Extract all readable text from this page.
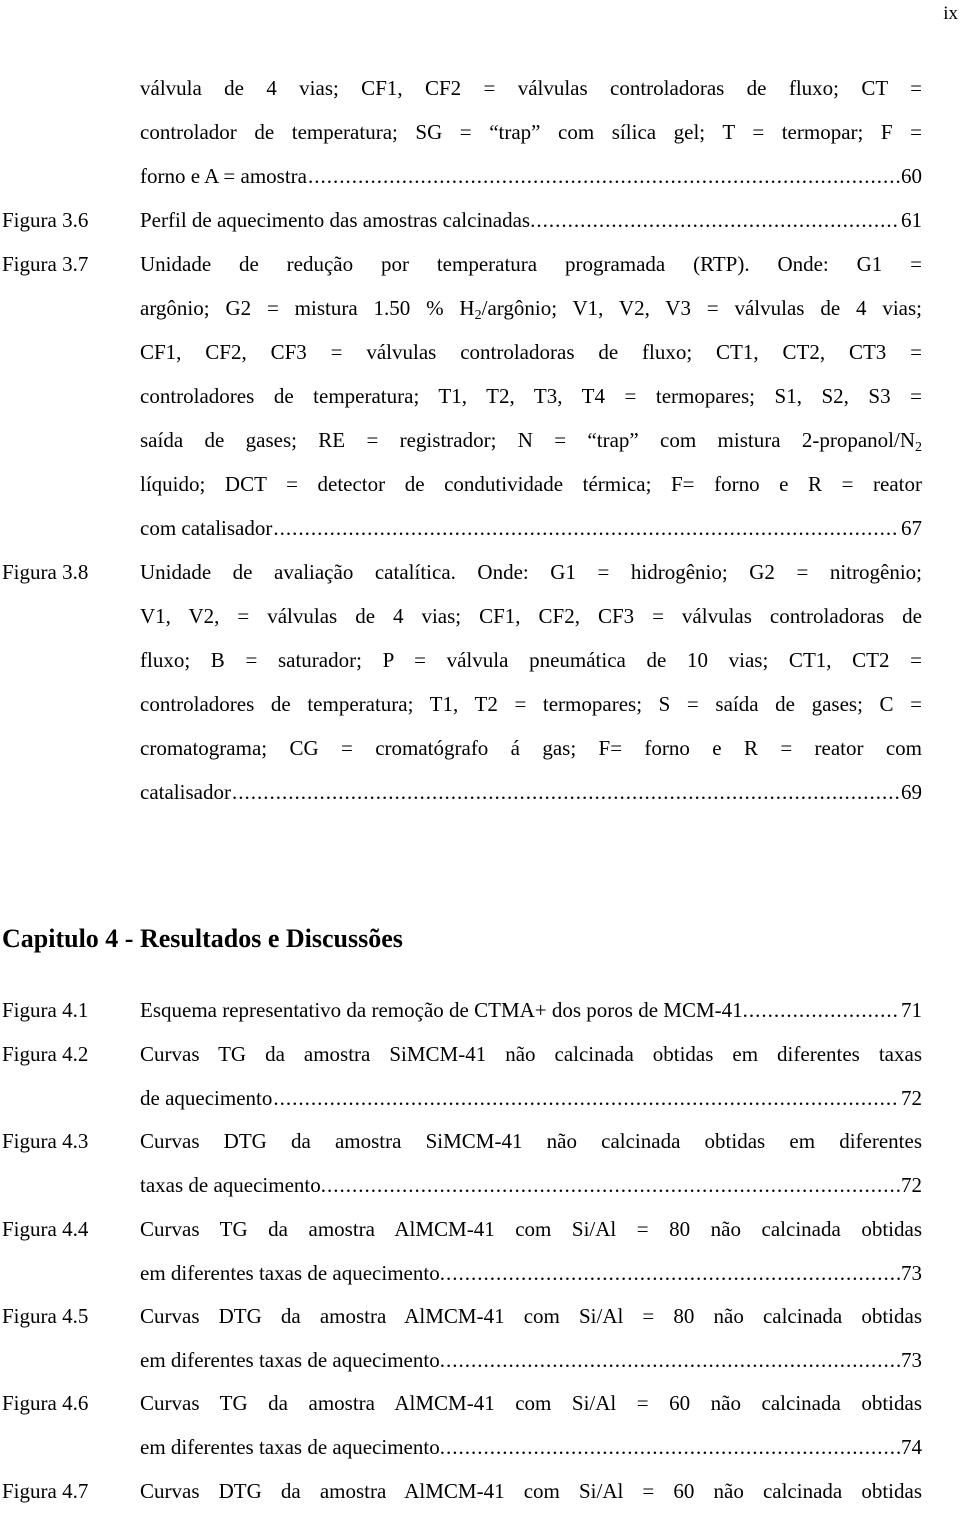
ix
válvula de 4 vias; CF1, CF2 = válvulas controladoras de fluxo; CT =
controlador de temperatura; SG = “trap” com sílica gel; T = termopar; F =
forno e A = amostra .....	60
Figura 3.6 Perfil de aquecimento das amostras calcinadas. .....	61
Figura 3.7 Unidade de redução por temperatura programada (RTP). Onde: G1 =
argônio; G2 = mistura 1.50 % $H_2$/argônio; V1, V2, V3 = válvulas de 4 vias;
CF1, CF2, CF3 = válvulas controladoras de fluxo; CT1, CT2, CT3 =
controladores de temperatura; T1, T2, T3, T4 = termopares; S1, S2, S3 =
saída de gases; RE = registrador; N = “trap” com mistura $2-propanol/N_2$
líquido; DCT = detector de condutividade térmica; F= forno e R = reator
com catalisador .....	67
Figura 3.8 Unidade de avaliação catalítica. Onde: G1 = hidrogênio; G2 = nitrogênio;
V1, V2, = válvulas de 4 vias; CF1, CF2, CF3 = válvulas controladoras de
fluxo; B = saturador; P = válvula pneumática de 10 vias; CT1, CT2 =
controladores de temperatura; T1, T2 = termopares; S = saída de gases; C =
cromatograma; CG = cromatógrafo á gas; F= forno e R = reator com
catalisador .....	69
Capitulo 4 - Resultados e Discussões
Figura 4.1 Esquema representativo da remoção de CTMA+ dos poros de MCM-41. .....	71
Figura 4.2 Curvas TG da amostra SiMCM-41 não calcinada obtidas em diferentes taxas
de aquecimento .....	72
Figura 4.3 Curvas DTG da amostra SiMCM-41 não calcinada obtidas em diferentes
taxas de aquecimento. .....	72
Figura 4.4 Curvas TG da amostra AlMCM-41 com Si/Al = 80 não calcinada obtidas
em diferentes taxas de aquecimento. .....	73
Figura 4.5 Curvas DTG da amostra AlMCM-41 com Si/Al = 80 não calcinada obtidas
em diferentes taxas de aquecimento. .....	73
Figura 4.6 Curvas TG da amostra AlMCM-41 com Si/Al = 60 não calcinada obtidas
em diferentes taxas de aquecimento. .....	74
Figura 4.7 Curvas DTG da amostra AlMCM-41 com Si/Al = 60 não calcinada obtidas
